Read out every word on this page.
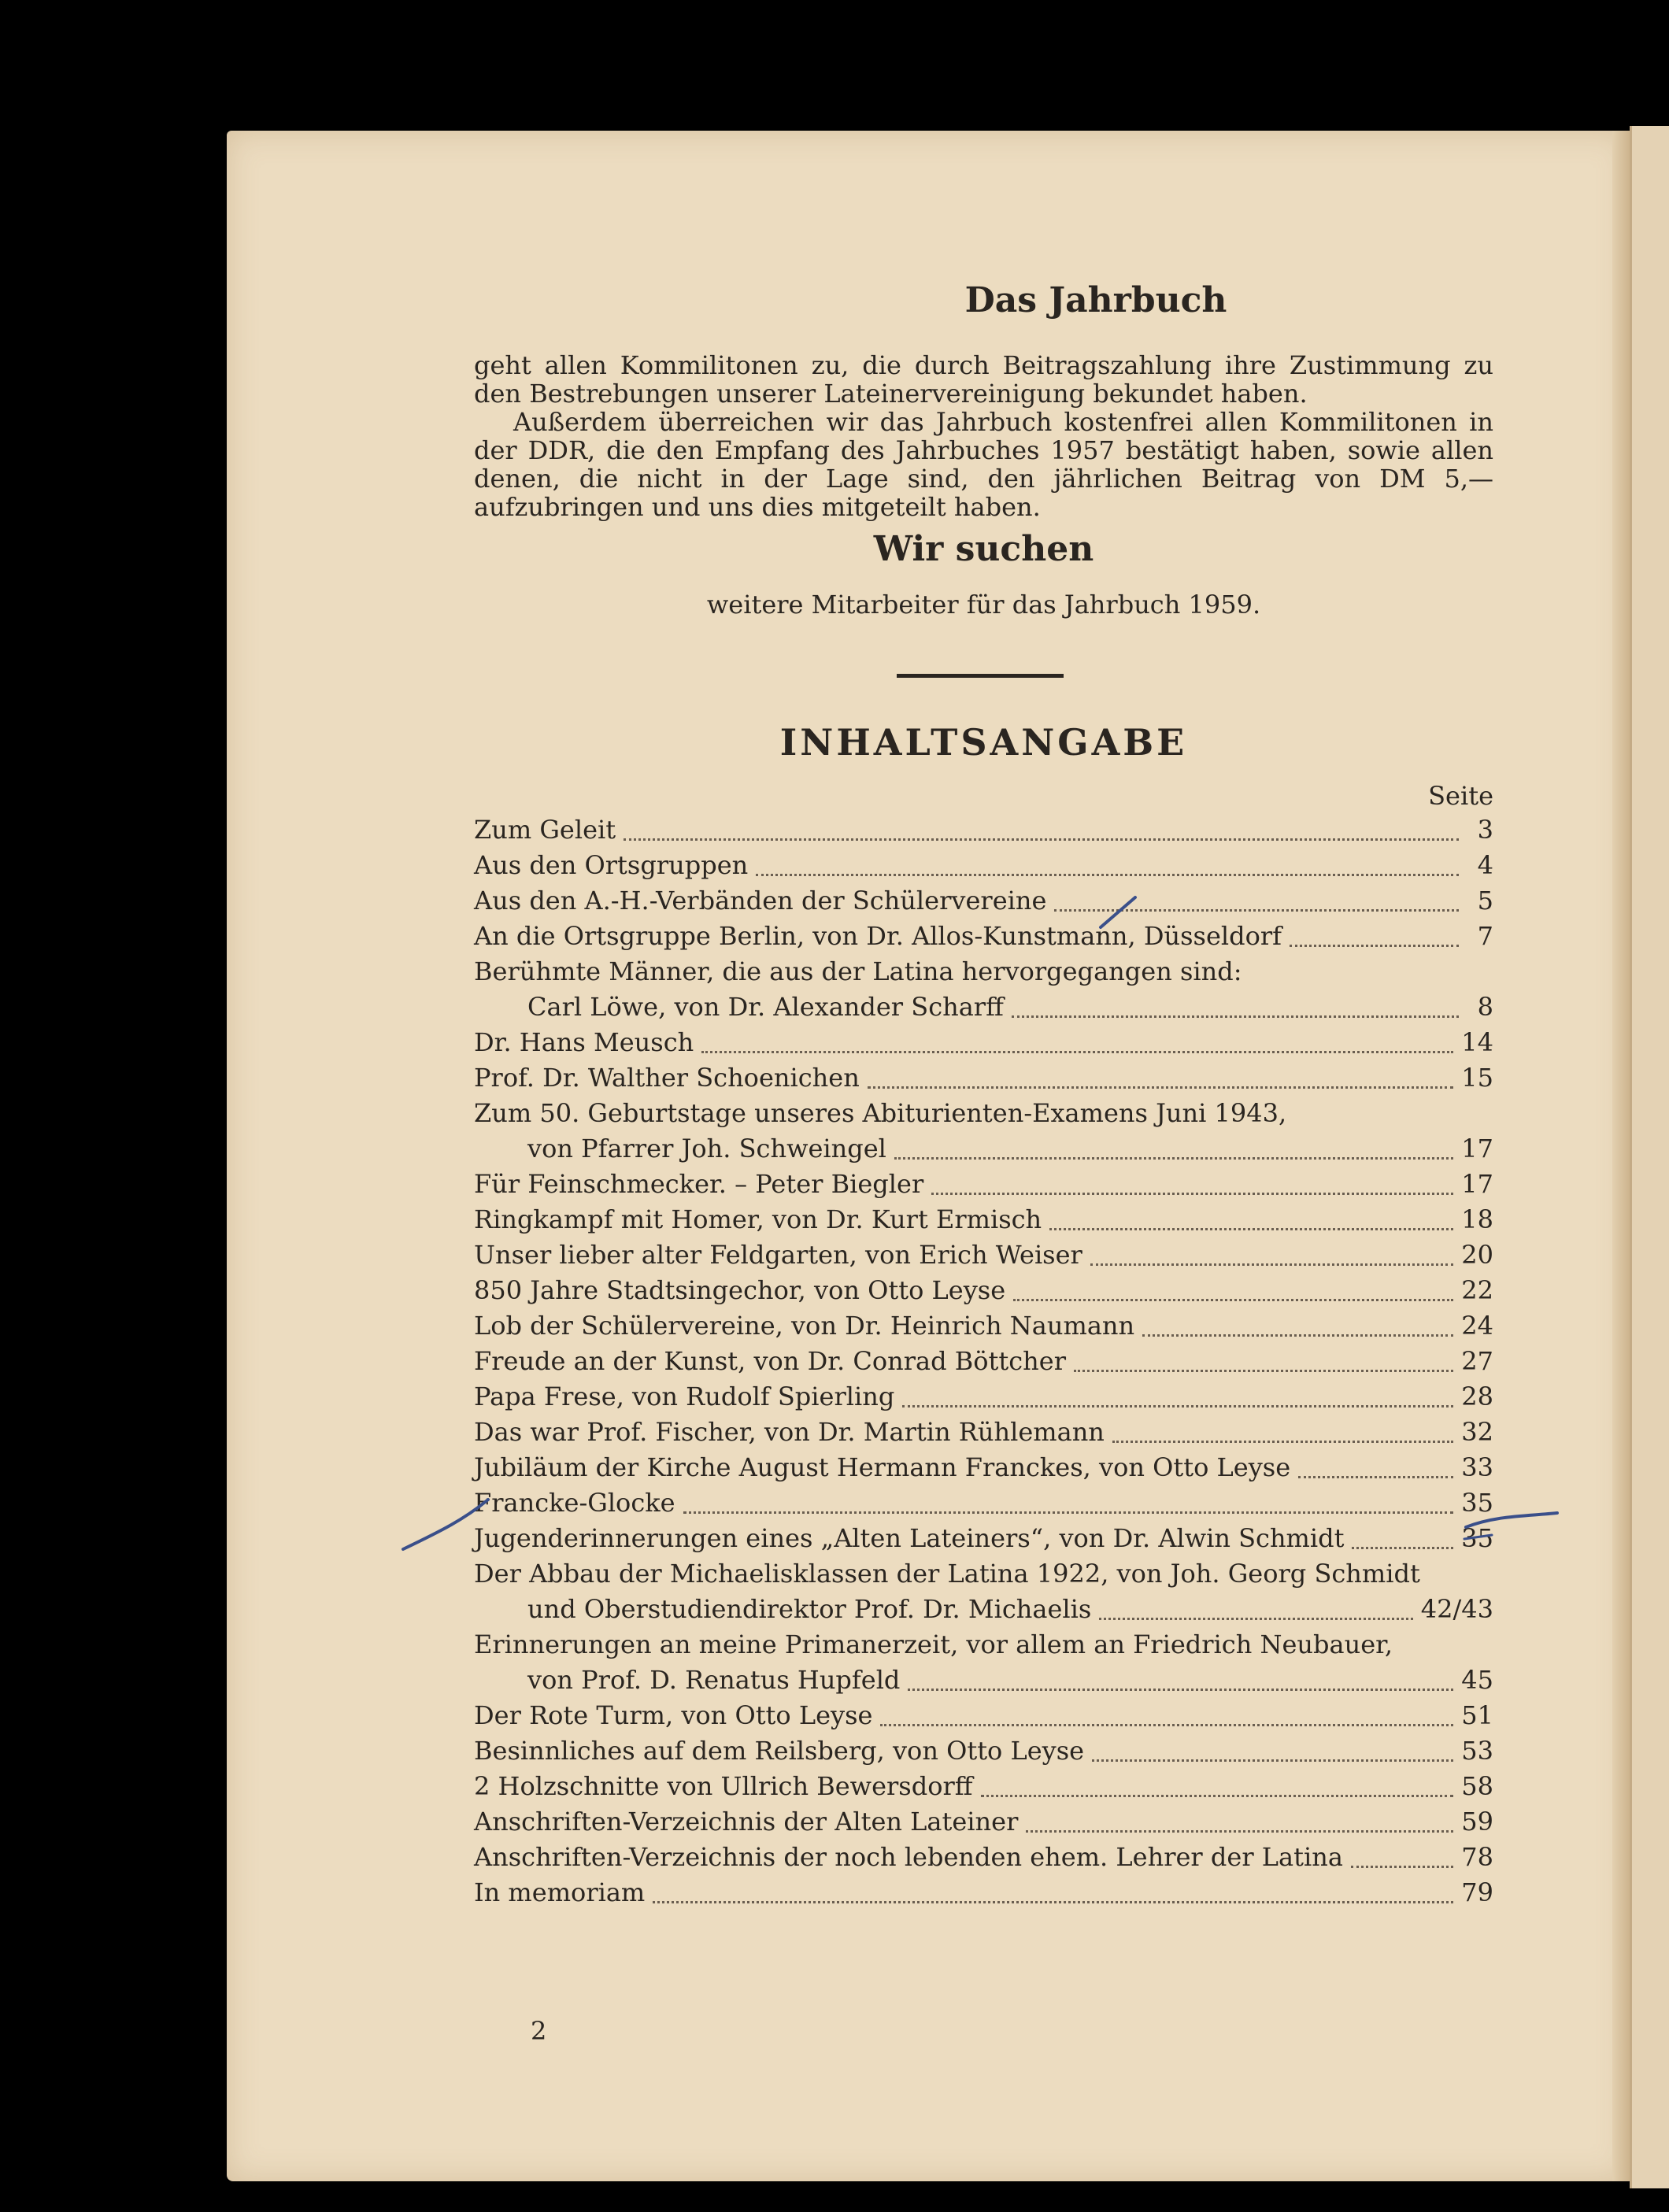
Das Jahrbuch
geht allen Kommilitonen zu, die durch Beitragszahlung ihre Zustimmung zu den Bestrebungen unserer Lateinervereinigung bekundet haben.
Außerdem überreichen wir das Jahrbuch kostenfrei allen Kommilitonen in der DDR, die den Empfang des Jahrbuches 1957 bestätigt haben, sowie allen denen, die nicht in der Lage sind, den jährlichen Beitrag von DM 5,— aufzubringen und uns dies mitgeteilt haben.
Wir suchen
weitere Mitarbeiter für das Jahrbuch 1959.
INHALTSANGABE
Seite
Zum Geleit	3
Aus den Ortsgruppen	4
Aus den A.-H.-Verbänden der Schülervereine	5
An die Ortsgruppe Berlin, von Dr. Allos-Kunstmann, Düsseldorf	7
Berühmte Männer, die aus der Latina hervorgegangen sind:
Carl Löwe, von Dr. Alexander Scharff	8
Dr. Hans Meusch	14
Prof. Dr. Walther Schoenichen	15
Zum 50. Geburtstage unseres Abiturienten-Examens Juni 1943,
von Pfarrer Joh. Schweingel	17
Für Feinschmecker. – Peter Biegler	17
Ringkampf mit Homer, von Dr. Kurt Ermisch	18
Unser lieber alter Feldgarten, von Erich Weiser	20
850 Jahre Stadtsingechor, von Otto Leyse	22
Lob der Schülervereine, von Dr. Heinrich Naumann	24
Freude an der Kunst, von Dr. Conrad Böttcher	27
Papa Frese, von Rudolf Spierling	28
Das war Prof. Fischer, von Dr. Martin Rühlemann	32
Jubiläum der Kirche August Hermann Franckes, von Otto Leyse	33
Francke-Glocke	35
Jugenderinnerungen eines „Alten Lateiners“, von Dr. Alwin Schmidt	35
Der Abbau der Michaelisklassen der Latina 1922, von Joh. Georg Schmidt
und Oberstudiendirektor Prof. Dr. Michaelis	42/43
Erinnerungen an meine Primanerzeit, vor allem an Friedrich Neubauer,
von Prof. D. Renatus Hupfeld	45
Der Rote Turm, von Otto Leyse	51
Besinnliches auf dem Reilsberg, von Otto Leyse	53
2 Holzschnitte von Ullrich Bewersdorff	58
Anschriften-Verzeichnis der Alten Lateiner	59
Anschriften-Verzeichnis der noch lebenden ehem. Lehrer der Latina	78
In memoriam	79
2
